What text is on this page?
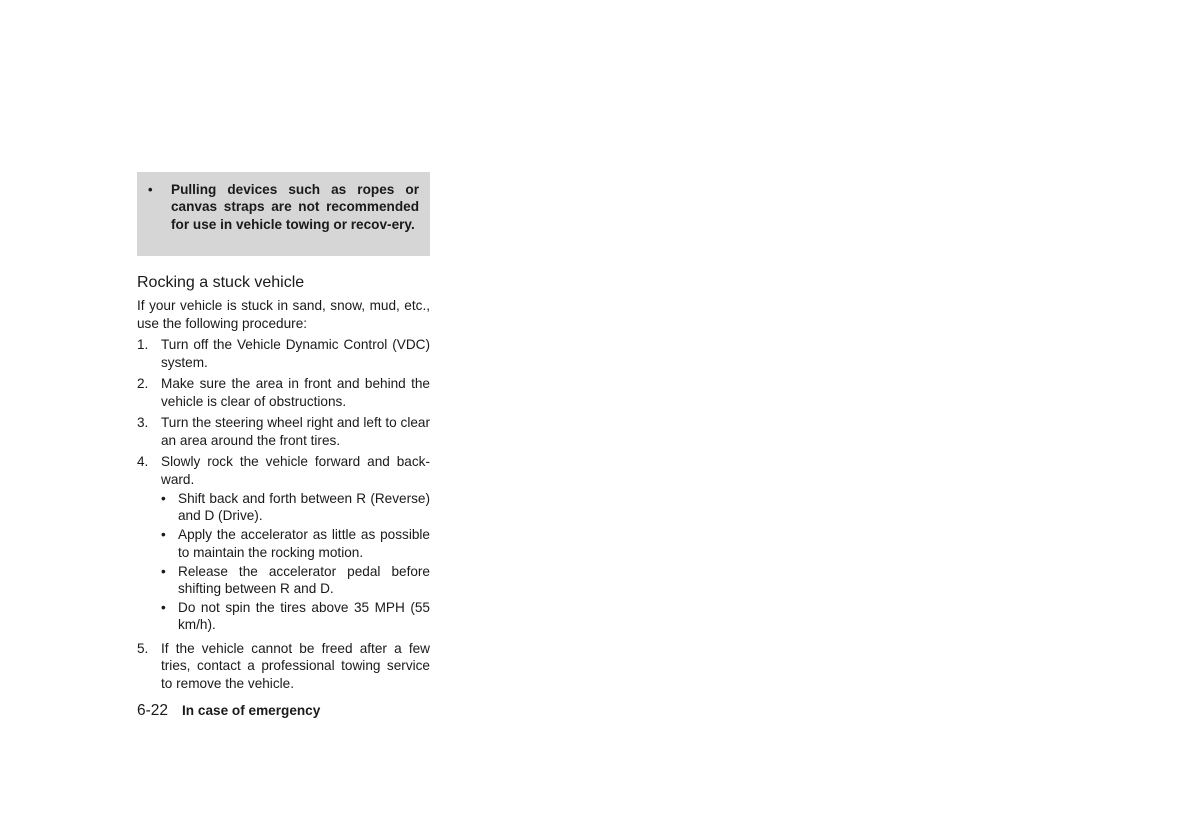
•	Pulling devices such as ropes or canvas straps are not recommended for use in vehicle towing or recov-ery.
Rocking a stuck vehicle
If your vehicle is stuck in sand, snow, mud, etc., use the following procedure:
1. Turn off the Vehicle Dynamic Control (VDC) system.
2. Make sure the area in front and behind the vehicle is clear of obstructions.
3. Turn the steering wheel right and left to clear an area around the front tires.
4. Slowly rock the vehicle forward and back-ward.
• Shift back and forth between R (Reverse) and D (Drive).
• Apply the accelerator as little as possible to maintain the rocking motion.
• Release the accelerator pedal before shifting between R and D.
• Do not spin the tires above 35 MPH (55 km/h).
5. If the vehicle cannot be freed after a few tries, contact a professional towing service to remove the vehicle.
6-22 In case of emergency
